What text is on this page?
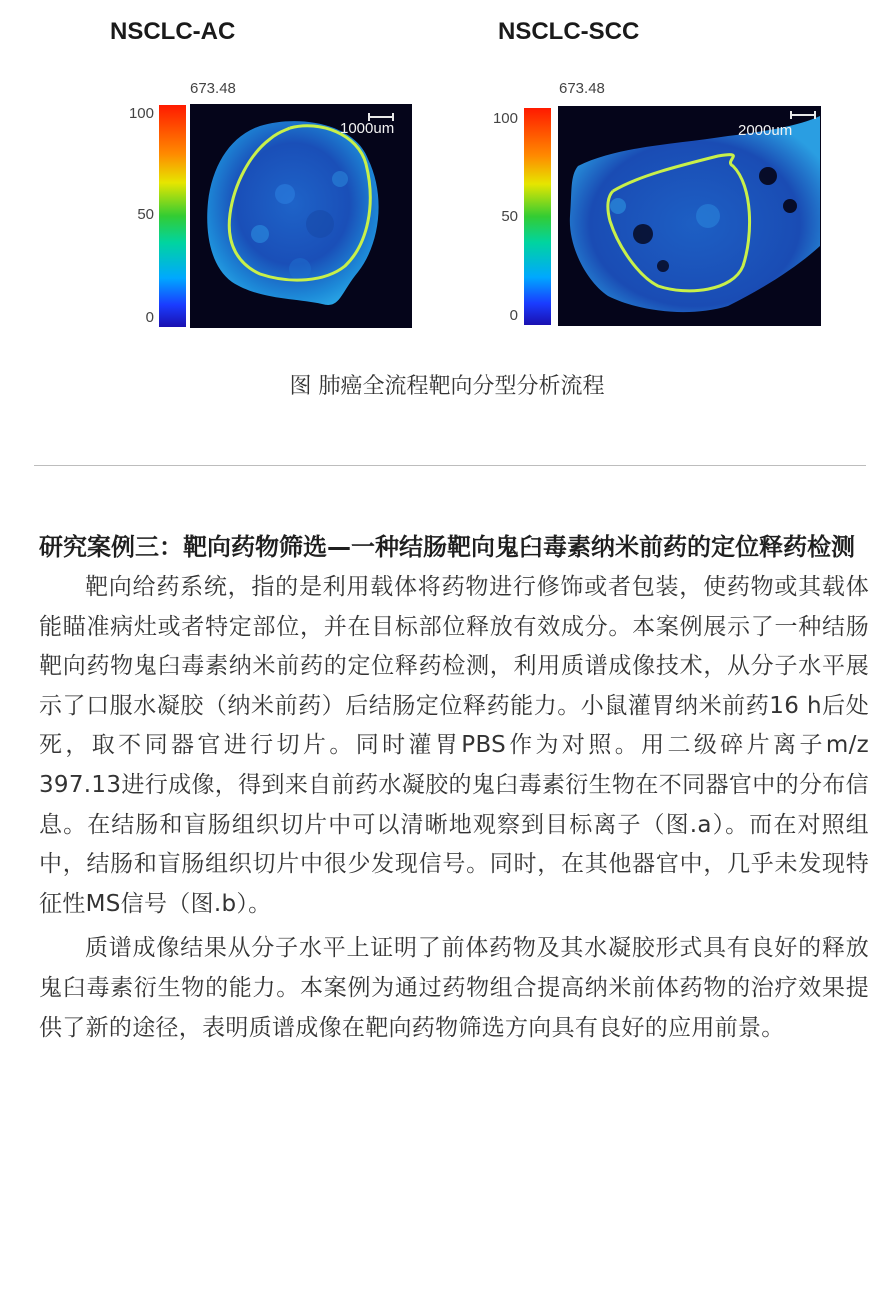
NSCLC-AC
673.48
100
50
0
1000um
NSCLC-SCC
673.48
100
50
0
2000um
图 肺癌全流程靶向分型分析流程
研究案例三：靶向药物筛选—一种结肠靶向鬼臼毒素纳米前药的定位释药检测

靶向给药系统，指的是利用载体将药物进行修饰或者包装，使药物或其载体能瞄准病灶或者特定部位，并在目标部位释放有效成分。本案例展示了一种结肠靶向药物鬼臼毒素纳米前药的定位释药检测，利用质谱成像技术，从分子水平展示了口服水凝胶（纳米前药）后结肠定位释药能力。小鼠灌胃纳米前药16 h后处死，取不同器官进行切片。同时灌胃PBS作为对照。用二级碎片离子m/z 397.13进行成像，得到来自前药水凝胶的鬼臼毒素衍生物在不同器官中的分布信息。在结肠和盲肠组织切片中可以清晰地观察到目标离子（图.a）。而在对照组中，结肠和盲肠组织切片中很少发现信号。同时，在其他器官中，几乎未发现特征性MS信号（图.b）。

质谱成像结果从分子水平上证明了前体药物及其水凝胶形式具有良好的释放鬼臼毒素衍生物的能力。本案例为通过药物组合提高纳米前体药物的治疗效果提供了新的途径，表明质谱成像在靶向药物筛选方向具有良好的应用前景。
